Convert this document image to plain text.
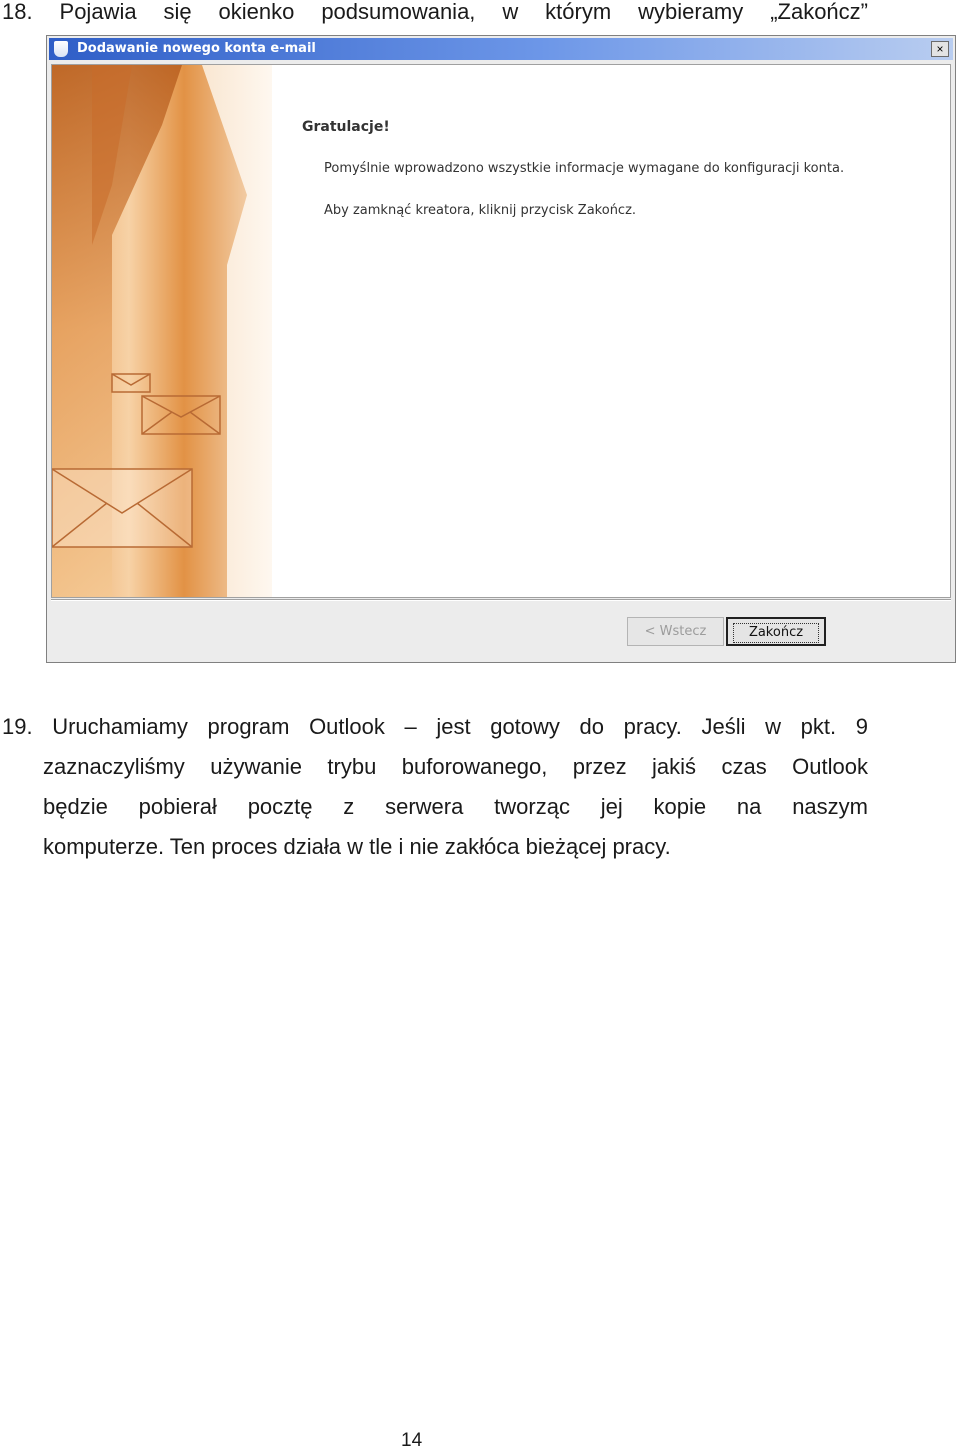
18. Pojawia się okienko podsumowania, w którym wybieramy „Zakończ”
Dodawanie nowego konta e-mail	×
Gratulacje!
Pomyślnie wprowadzono wszystkie informacje wymagane do konfiguracji konta.
Aby zamknąć kreatora, kliknij przycisk Zakończ.
< Wstecz	Zakończ
19. Uruchamiamy program Outlook – jest gotowy do pracy. Jeśli w pkt. 9
zaznaczyliśmy używanie trybu buforowanego, przez jakiś czas Outlook
będzie pobierał pocztę z serwera tworząc jej kopie na naszym
komputerze. Ten proces działa w tle i nie zakłóca bieżącej pracy.
14
